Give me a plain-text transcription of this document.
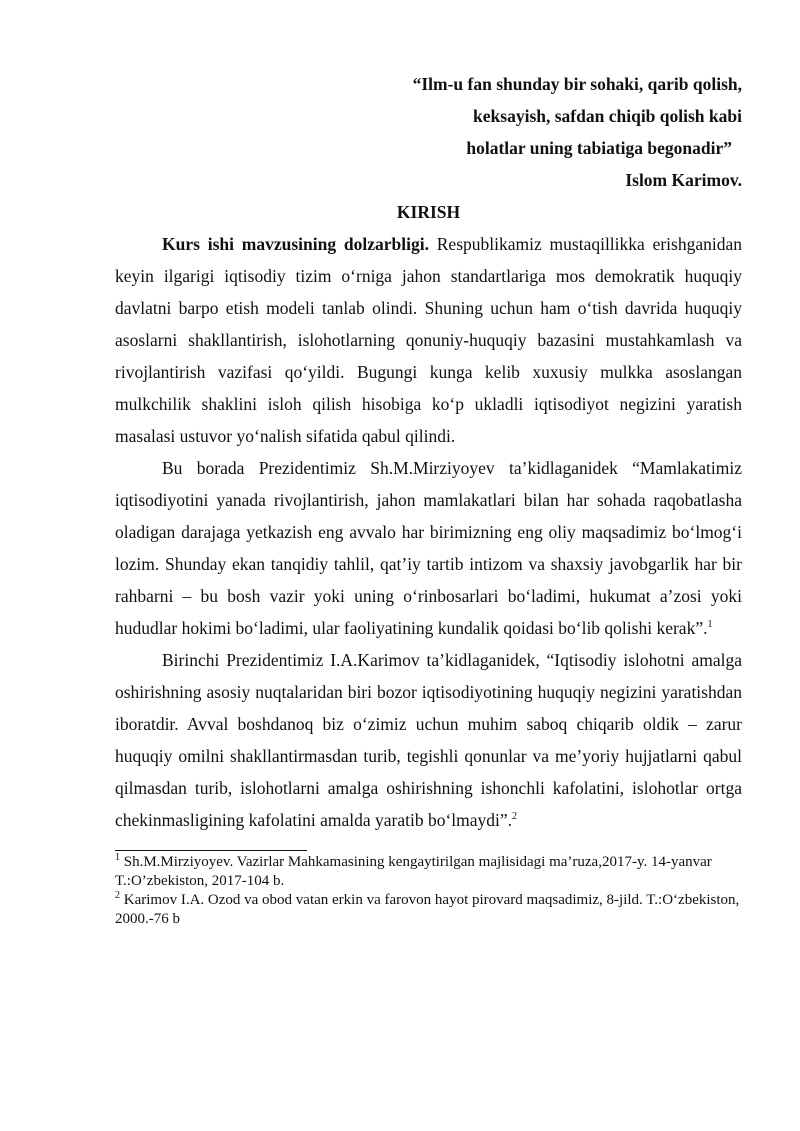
“Ilm-u fan shunday bir sohaki, qarib qolish,
keksayish, safdan chiqib qolish kabi
holatlar uning tabiatiga begonadir”
Islom Karimov.

KIRISH

Kurs ishi mavzusining dolzarbligi. Respublikamiz mustaqillikka erishganidan keyin ilgarigi iqtisodiy tizim o‘rniga jahon standartlariga mos demokratik huquqiy davlatni barpo etish modeli tanlab olindi. Shuning uchun ham o‘tish davrida huquqiy asoslarni shakllantirish, islohotlarning qonuniy-huquqiy bazasini mustahkamlash va rivojlantirish vazifasi qo‘yildi. Bugungi kunga kelib xuxusiy mulkka asoslangan mulkchilik shaklini isloh qilish hisobiga ko‘p ukladli iqtisodiyot negizini yaratish masalasi ustuvor yo‘nalish sifatida qabul qilindi.

Bu borada Prezidentimiz Sh.M.Mirziyoyev ta’kidlaganidek “Mamlakatimiz iqtisodiyotini yanada rivojlantirish, jahon mamlakatlari bilan har sohada raqobatlasha oladigan darajaga yetkazish eng avvalo har birimizning eng oliy maqsadimiz bo‘lmog‘i lozim. Shunday ekan tanqidiy tahlil, qat’iy tartib intizom va shaxsiy javobgarlik har bir rahbarni – bu bosh vazir yoki uning o‘rinbosarlari bo‘ladimi, hukumat a’zosi yoki hududlar hokimi bo‘ladimi, ular faoliyatining kundalik qoidasi bo‘lib qolishi kerak”.$^1$

Birinchi Prezidentimiz I.A.Karimov ta’kidlaganidek, “Iqtisodiy islohotni amalga oshirishning asosiy nuqtalaridan biri bozor iqtisodiyotining huquqiy negizini yaratishdan iboratdir. Avval boshdanoq biz o‘zimiz uchun muhim saboq chiqarib oldik – zarur huquqiy omilni shakllantirmasdan turib, tegishli qonunlar va me’yoriy hujjatlarni qabul qilmasdan turib, islohotlarni amalga oshirishning ishonchli kafolatini, islohotlar ortga chekinmasligining kafolatini amalda yaratib bo‘lmaydi”.$^2$

$^1$ Sh.M.Mirziyoyev. Vazirlar Mahkamasining kengaytirilgan majlisidagi ma’ruza,2017-y. 14-yanvar T.:O’zbekiston, 2017-104 b.

$^2$ Karimov I.A. Ozod va obod vatan erkin va farovon hayot pirovard maqsadimiz, 8-jild. T.:O‘zbekiston, 2000.-76 b
